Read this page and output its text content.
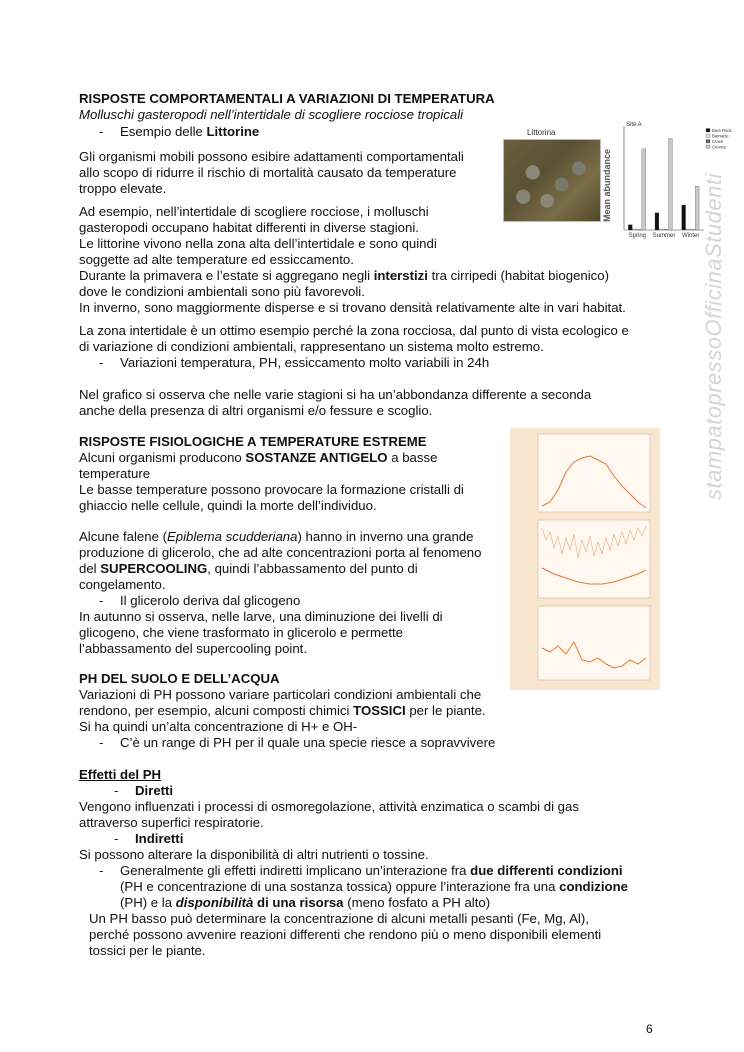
RISPOSTE COMPORTAMENTALI A VARIAZIONI DI TEMPERATURA
Molluschi gasteropodi nell’intertidale di scogliere rocciose tropicali
- Esempio delle Littorine
Gli organismi mobili possono esibire adattamenti comportamentali
allo scopo di ridurre il rischio di mortalità causato da temperature
troppo elevate.
Ad esempio, nell’intertidale di scogliere rocciose, i molluschi
gasteropodi occupano habitat differenti in diverse stagioni.
Le littorine vivono nella zona alta dell’intertidale e sono quindi
soggette ad alte temperature ed essiccamento.
Durante la primavera e l’estate si aggregano negli interstizi tra cirripedi (habitat biogenico)
dove le condizioni ambientali sono più favorevoli.
In inverno, sono maggiormente disperse e si trovano densità relativamente alte in vari habitat.
La zona intertidale è un ottimo esempio perché la zona rocciosa, dal punto di vista ecologico e
di variazione di condizioni ambientali, rappresentano un sistema molto estremo.
- Variazioni temperatura, PH, essiccamento molto variabili in 24h
Nel grafico si osserva che nelle varie stagioni si ha un’abbondanza differente a seconda
anche della presenza di altri organismi e/o fessure e scoglio.
Littorina
Site A
Mean abundance
Spring Summer Winter
Bare Rock
Barnacle
Crack
Crevice
RISPOSTE FISIOLOGICHE A TEMPERATURE ESTREME
Alcuni organismi producono SOSTANZE ANTIGELO a basse
temperature
Le basse temperature possono provocare la formazione cristalli di
ghiaccio nelle cellule, quindi la morte dell’individuo.
Alcune falene (Epiblema scudderiana) hanno in inverno una grande
produzione di glicerolo, che ad alte concentrazioni porta al fenomeno
del SUPERCOOLING, quindi l’abbassamento del punto di
congelamento.
- Il glicerolo deriva dal glicogeno
In autunno si osserva, nelle larve, una diminuzione dei livelli di
glicogeno, che viene trasformato in glicerolo e permette
l’abbassamento del supercooling point.
PH DEL SUOLO E DELL’ACQUA
Variazioni di PH possono variare particolari condizioni ambientali che
rendono, per esempio, alcuni composti chimici TOSSICI per le piante.
Si ha quindi un’alta concentrazione di H+ e OH-
- C’è un range di PH per il quale una specie riesce a sopravvivere
Effetti del PH
- Diretti
Vengono influenzati i processi di osmoregolazione, attività enzimatica o scambi di gas
attraverso superfici respiratorie.
- Indiretti
Si possono alterare la disponibilità di altri nutrienti o tossine.
- Generalmente gli effetti indiretti implicano un’interazione fra due differenti condizioni
(PH e concentrazione di una sostanza tossica) oppure l’interazione fra una condizione
(PH) e la disponibilità di una risorsa (meno fosfato a PH alto)
Un PH basso può determinare la concentrazione di alcuni metalli pesanti (Fe, Mg, Al),
perché possono avvenire reazioni differenti che rendono più o meno disponibili elementi
tossici per le piante.
stampatopressoOfficinaStudenti
6
